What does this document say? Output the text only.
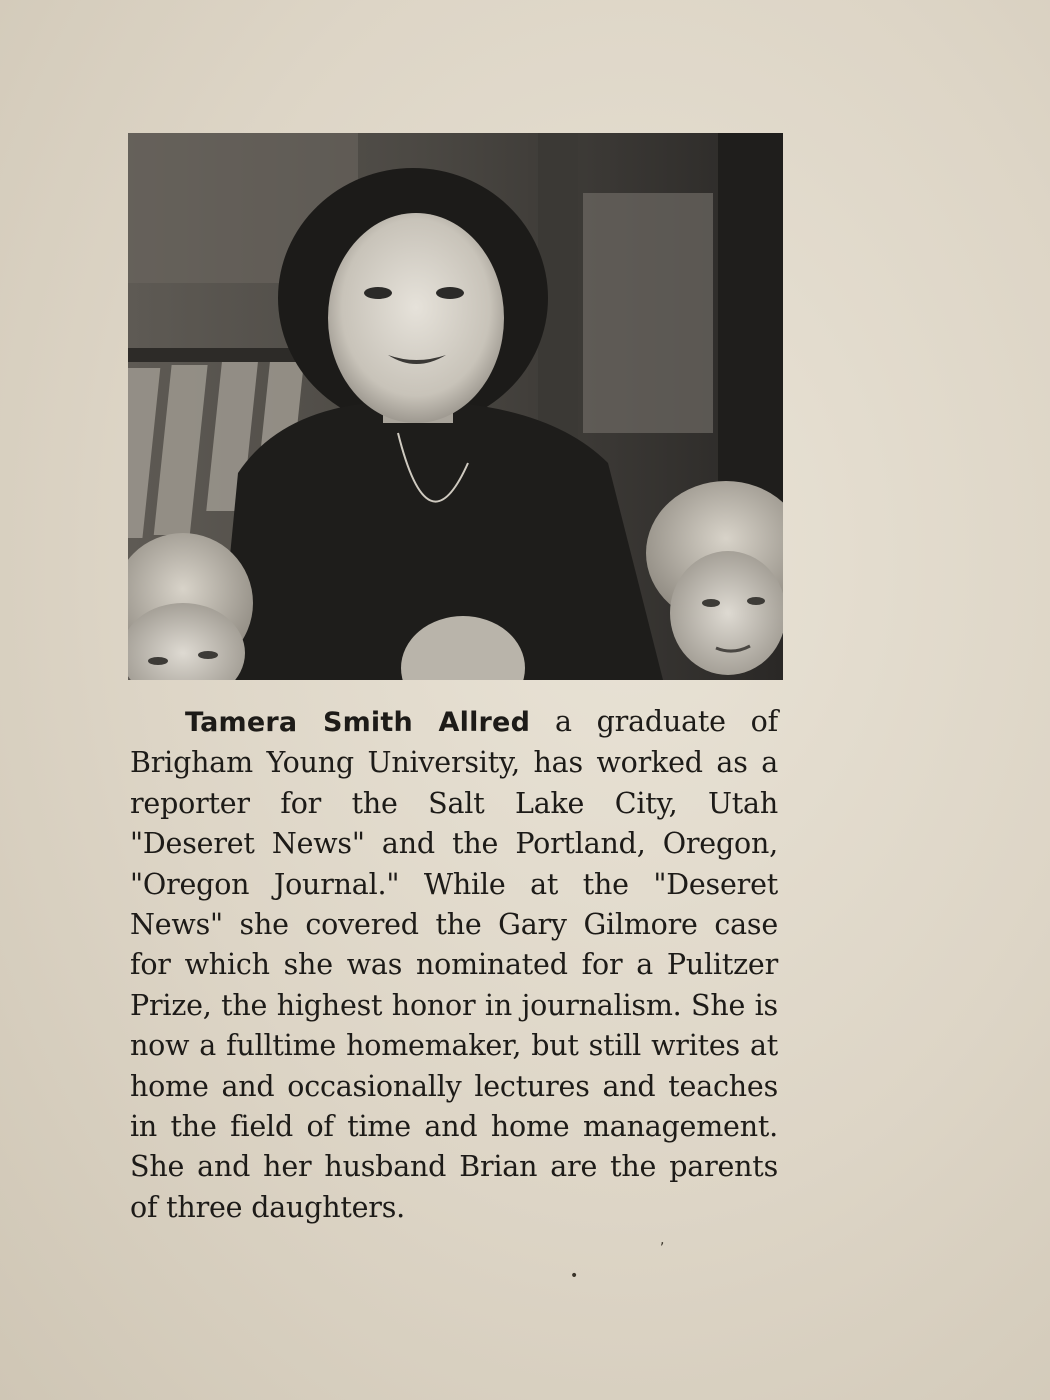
Tamera Smith Allred a graduate of Brigham Young University, has worked as a reporter for the Salt Lake City, Utah "Deseret News" and the Portland, Oregon, "Oregon Journal." While at the "Deseret News" she covered the Gary Gilmore case for which she was nominated for a Pulitzer Prize, the highest honor in journalism. She is now a fulltime homemaker, but still writes at home and occasionally lectures and teaches in the field of time and home management. She and her husband Brian are the parents of three daughters.

,
•
